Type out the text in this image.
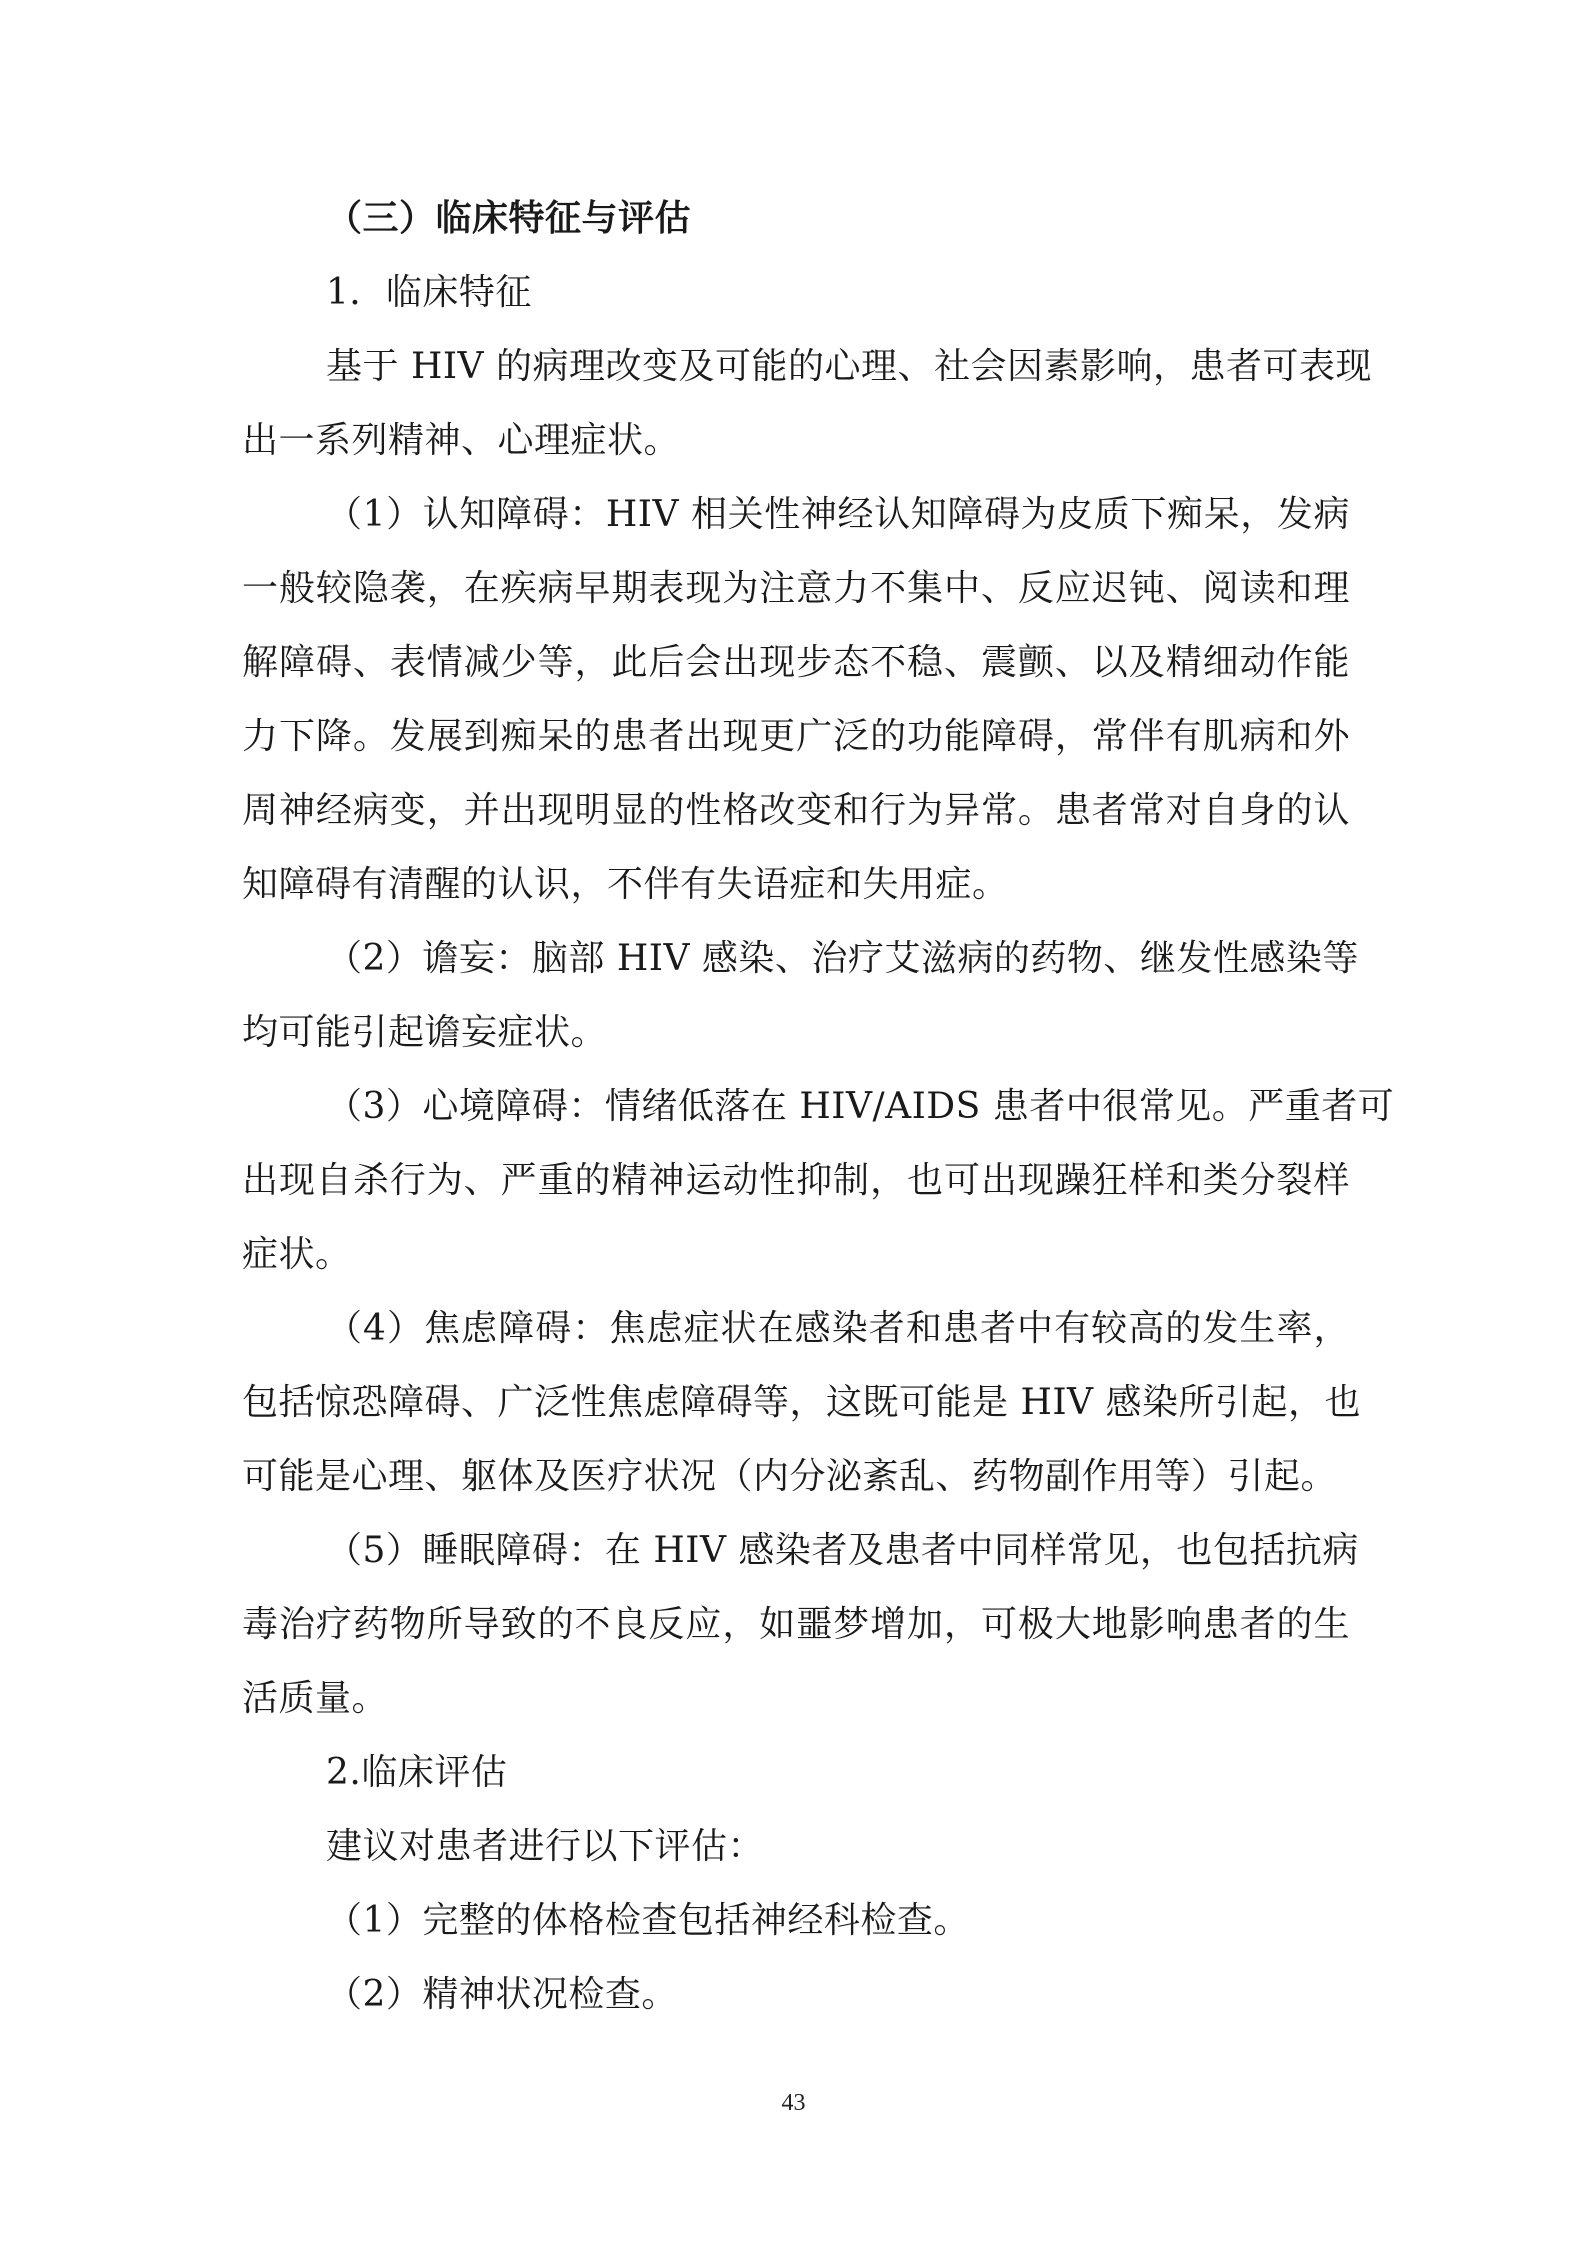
（三）临床特征与评估
1．临床特征
基于 HIV 的病理改变及可能的心理、社会因素影响，患者可表现
出一系列精神、心理症状。
（1）认知障碍：HIV 相关性神经认知障碍为皮质下痴呆，发病
一般较隐袭，在疾病早期表现为注意力不集中、反应迟钝、阅读和理
解障碍、表情减少等，此后会出现步态不稳、震颤、以及精细动作能
力下降。发展到痴呆的患者出现更广泛的功能障碍，常伴有肌病和外
周神经病变，并出现明显的性格改变和行为异常。患者常对自身的认
知障碍有清醒的认识，不伴有失语症和失用症。
（2）谵妄：脑部 HIV 感染、治疗艾滋病的药物、继发性感染等
均可能引起谵妄症状。
（3）心境障碍：情绪低落在 HIV/AIDS 患者中很常见。严重者可
出现自杀行为、严重的精神运动性抑制，也可出现躁狂样和类分裂样
症状。
（4）焦虑障碍：焦虑症状在感染者和患者中有较高的发生率，
包括惊恐障碍、广泛性焦虑障碍等，这既可能是 HIV 感染所引起，也
可能是心理、躯体及医疗状况（内分泌紊乱、药物副作用等）引起。
（5）睡眠障碍：在 HIV 感染者及患者中同样常见，也包括抗病
毒治疗药物所导致的不良反应，如噩梦增加，可极大地影响患者的生
活质量。
2.临床评估
建议对患者进行以下评估：
（1）完整的体格检查包括神经科检查。
（2）精神状况检查。
43
